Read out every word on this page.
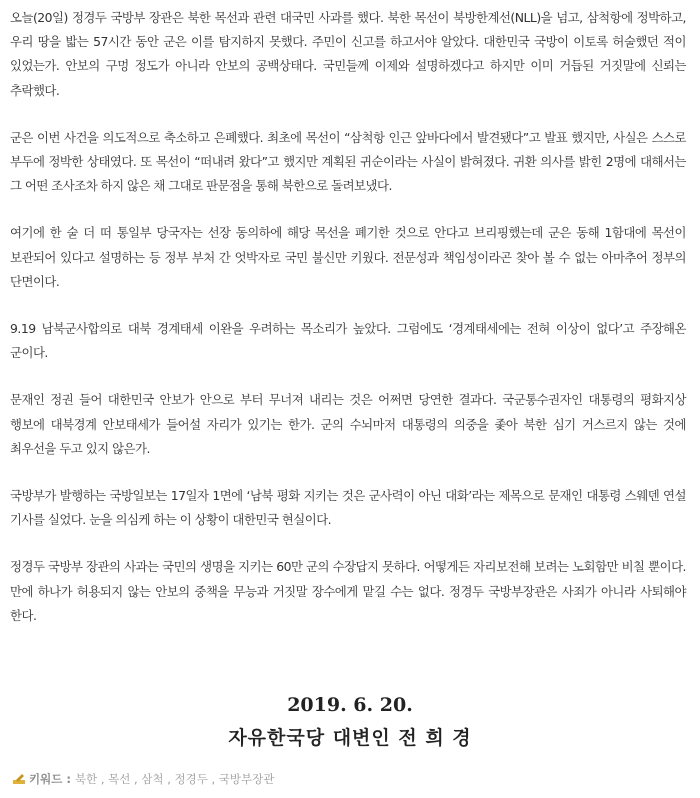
오늘(20일) 정경두 국방부 장관은 북한 목선과 관련 대국민 사과를 했다. 북한 목선이 북방한계선(NLL)을 넘고, 삼척항에 정박하고, 우리 땅을 밟는 57시간 동안 군은 이를 탐지하지 못했다. 주민이 신고를 하고서야 알았다. 대한민국 국방이 이토록 허술했던 적이 있었는가. 안보의 구멍 정도가 아니라 안보의 공백상태다. 국민들께 이제와 설명하겠다고 하지만 이미 거듭된 거짓말에 신뢰는 추락했다.

군은 이번 사건을 의도적으로 축소하고 은폐했다. 최초에 목선이 “삼척항 인근 앞바다에서 발견됐다”고 발표 했지만, 사실은 스스로 부두에 정박한 상태였다. 또 목선이 “떠내려 왔다”고 했지만 계획된 귀순이라는 사실이 밝혀졌다. 귀환 의사를 밝힌 2명에 대해서는 그 어떤 조사조차 하지 않은 채 그대로 판문점을 통해 북한으로 돌려보냈다.

여기에 한 술 더 떠 통일부 당국자는 선장 동의하에 해당 목선을 폐기한 것으로 안다고 브리핑했는데 군은 동해 1함대에 목선이 보관되어 있다고 설명하는 등 정부 부처 간 엇박자로 국민 불신만 키웠다. 전문성과 책임성이라곤 찾아 볼 수 없는 아마추어 정부의 단면이다.

9.19 남북군사합의로 대북 경계태세 이완을 우려하는 목소리가 높았다. 그럼에도 ‘경계태세에는 전혀 이상이 없다’고 주장해온 군이다.

문재인 정권 들어 대한민국 안보가 안으로 부터 무너져 내리는 것은 어쩌면 당연한 결과다. 국군통수권자인 대통령의 평화지상 행보에 대북경계 안보태세가 들어설 자리가 있기는 한가. 군의 수뇌마저 대통령의 의중을 좇아 북한 심기 거스르지 않는 것에 최우선을 두고 있지 않은가.

국방부가 발행하는 국방일보는 17일자 1면에 ‘남북 평화 지키는 것은 군사력이 아닌 대화’라는 제목으로 문재인 대통령 스웨덴 연설 기사를 실었다. 눈을 의심케 하는 이 상황이 대한민국 현실이다.

정경두 국방부 장관의 사과는 국민의 생명을 지키는 60만 군의 수장답지 못하다. 어떻게든 자리보전해 보려는 노회함만 비칠 뿐이다. 만에 하나가 허용되지 않는 안보의 중책을 무능과 거짓말 장수에게 맡길 수는 없다. 정경두 국방부장관은 사죄가 아니라 사퇴해야 한다.

2019. 6. 20.
자유한국당 대변인 전 희 경
키워드 : 북한 , 목선 , 삼척 , 정경두 , 국방부장관
